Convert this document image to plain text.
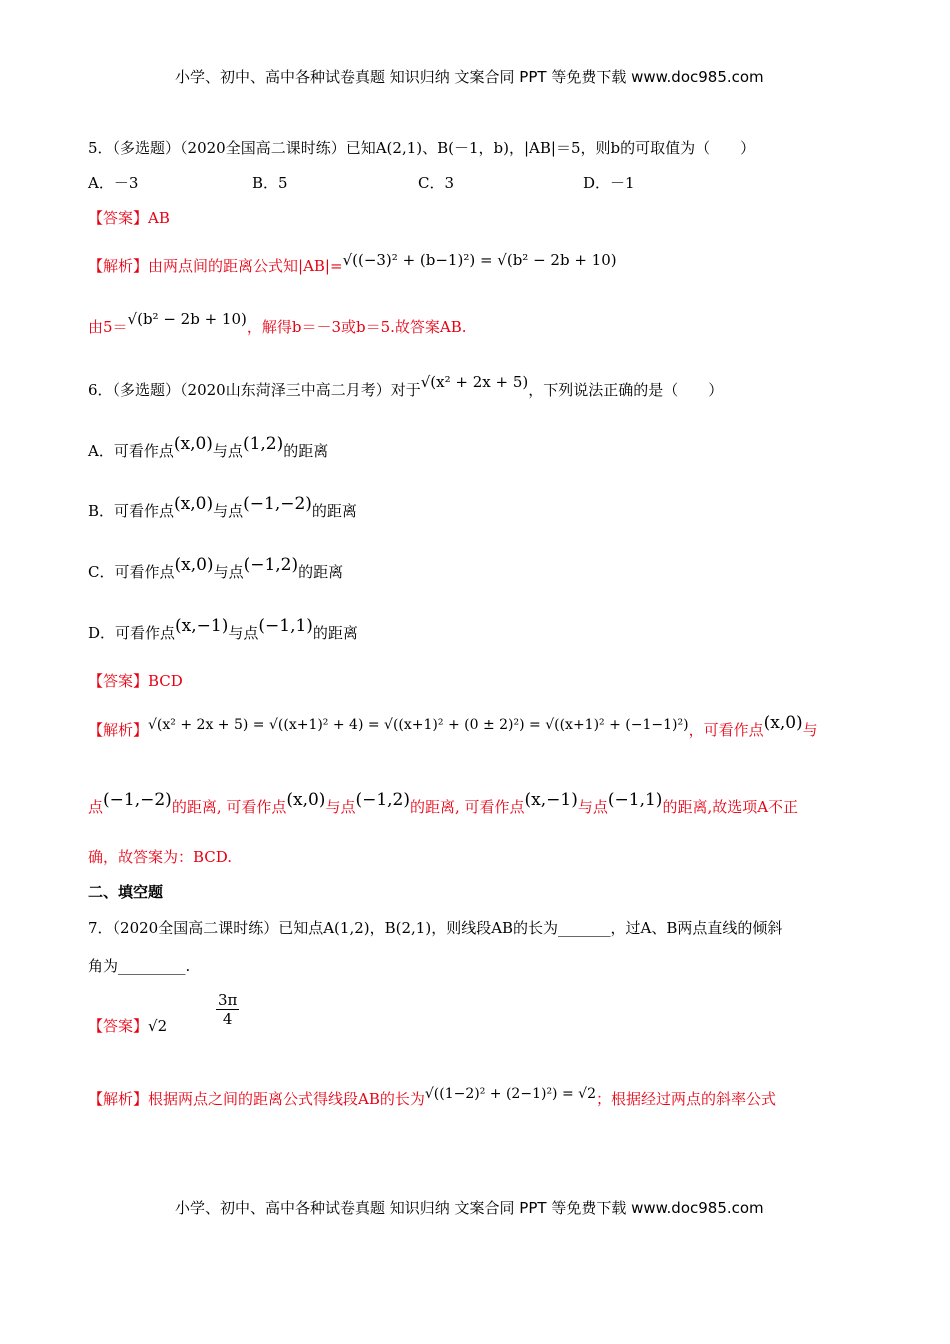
小学、初中、高中各种试卷真题 知识归纳 文案合同 PPT 等免费下载 www.doc985.com
5．（多选题）（2020全国高二课时练）已知A(2,1)、B(－1，b)，|AB|＝5，则b的可取值为（　　）
A．－3	B．5	C．3	D．－1
【答案】AB
【解析】由两点间的距离公式知|AB|=√((−3)² + (b−1)²) = √(b² − 2b + 10)
由5＝√(b² − 2b + 10)，解得b＝－3或b＝5.故答案AB.
6．（多选题）（2020山东菏泽三中高二月考）对于√(x² + 2x + 5)，下列说法正确的是（　　）
A．可看作点(x,0)与点(1,2)的距离
B．可看作点(x,0)与点(−1,−2)的距离
C．可看作点(x,0)与点(−1,2)的距离
D．可看作点(x,−1)与点(−1,1)的距离
【答案】BCD
【解析】√(x² + 2x + 5) = √((x+1)² + 4) = √((x+1)² + (0 ± 2)²) = √((x+1)² + (−1−1)²)，可看作点(x,0)与
点(−1,−2)的距离, 可看作点(x,0)与点(−1,2)的距离, 可看作点(x,−1)与点(−1,1)的距离,故选项A不正
确，故答案为：BCD.
二、填空题
7．（2020全国高二课时练）已知点A(1,2)，B(2,1)，则线段AB的长为_______，过A、B两点直线的倾斜
角为_________.
【答案】√2	$\frac{3\pi}{4}$
【解析】根据两点之间的距离公式得线段AB的长为√((1−2)² + (2−1)²) = √2；根据经过两点的斜率公式
小学、初中、高中各种试卷真题 知识归纳 文案合同 PPT 等免费下载 www.doc985.com
